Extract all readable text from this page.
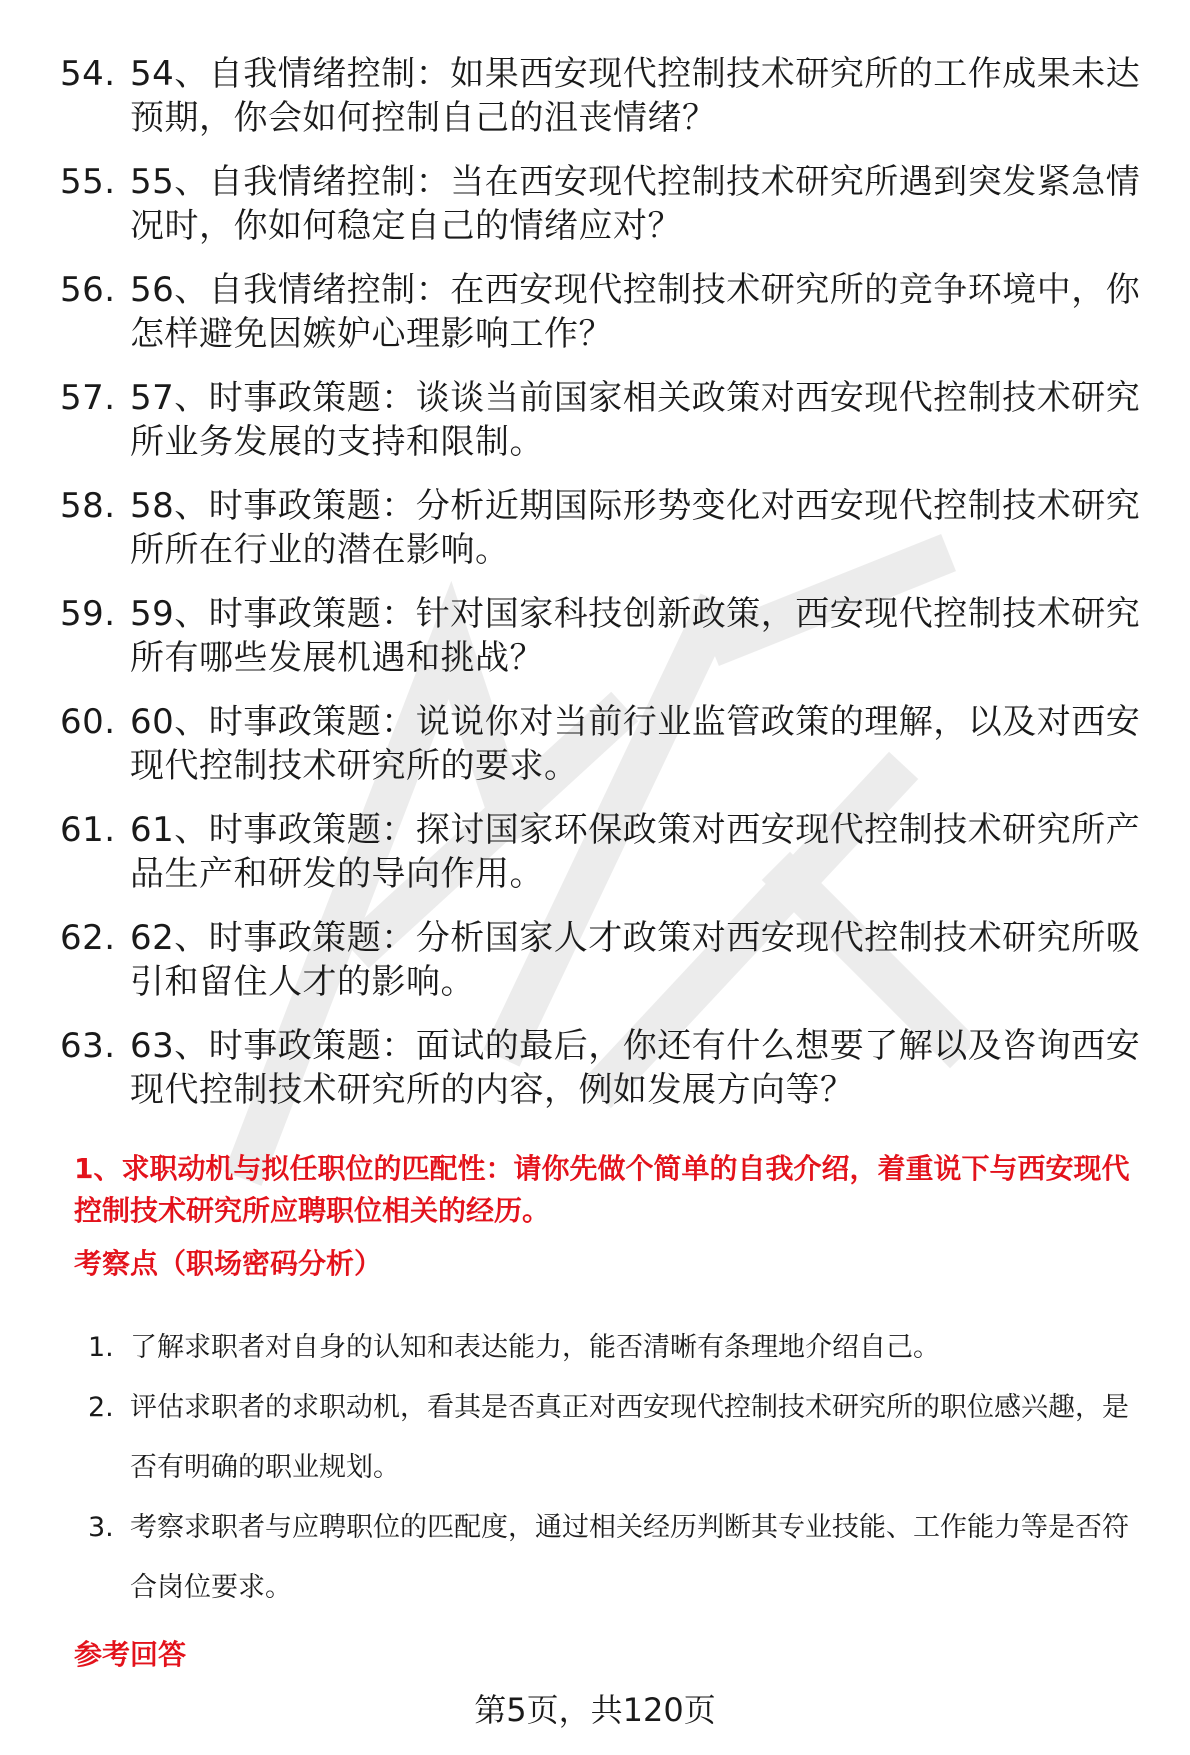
54. 54、自我情绪控制：如果西安现代控制技术研究所的工作成果未达预期，你会如何控制自己的沮丧情绪？
55. 55、自我情绪控制：当在西安现代控制技术研究所遇到突发紧急情况时，你如何稳定自己的情绪应对？
56. 56、自我情绪控制：在西安现代控制技术研究所的竞争环境中，你怎样避免因嫉妒心理影响工作？
57. 57、时事政策题：谈谈当前国家相关政策对西安现代控制技术研究所业务发展的支持和限制。
58. 58、时事政策题：分析近期国际形势变化对西安现代控制技术研究所所在行业的潜在影响。
59. 59、时事政策题：针对国家科技创新政策，西安现代控制技术研究所有哪些发展机遇和挑战？
60. 60、时事政策题：说说你对当前行业监管政策的理解，以及对西安现代控制技术研究所的要求。
61. 61、时事政策题：探讨国家环保政策对西安现代控制技术研究所产品生产和研发的导向作用。
62. 62、时事政策题：分析国家人才政策对西安现代控制技术研究所吸引和留住人才的影响。
63. 63、时事政策题：面试的最后，你还有什么想要了解以及咨询西安现代控制技术研究所的内容，例如发展方向等？
1、求职动机与拟任职位的匹配性：请你先做个简单的自我介绍，着重说下与西安现代控制技术研究所应聘职位相关的经历。
考察点（职场密码分析）
1. 了解求职者对自身的认知和表达能力，能否清晰有条理地介绍自己。
2. 评估求职者的求职动机，看其是否真正对西安现代控制技术研究所的职位感兴趣，是否有明确的职业规划。
3. 考察求职者与应聘职位的匹配度，通过相关经历判断其专业技能、工作能力等是否符合岗位要求。
参考回答
第5页，共120页
